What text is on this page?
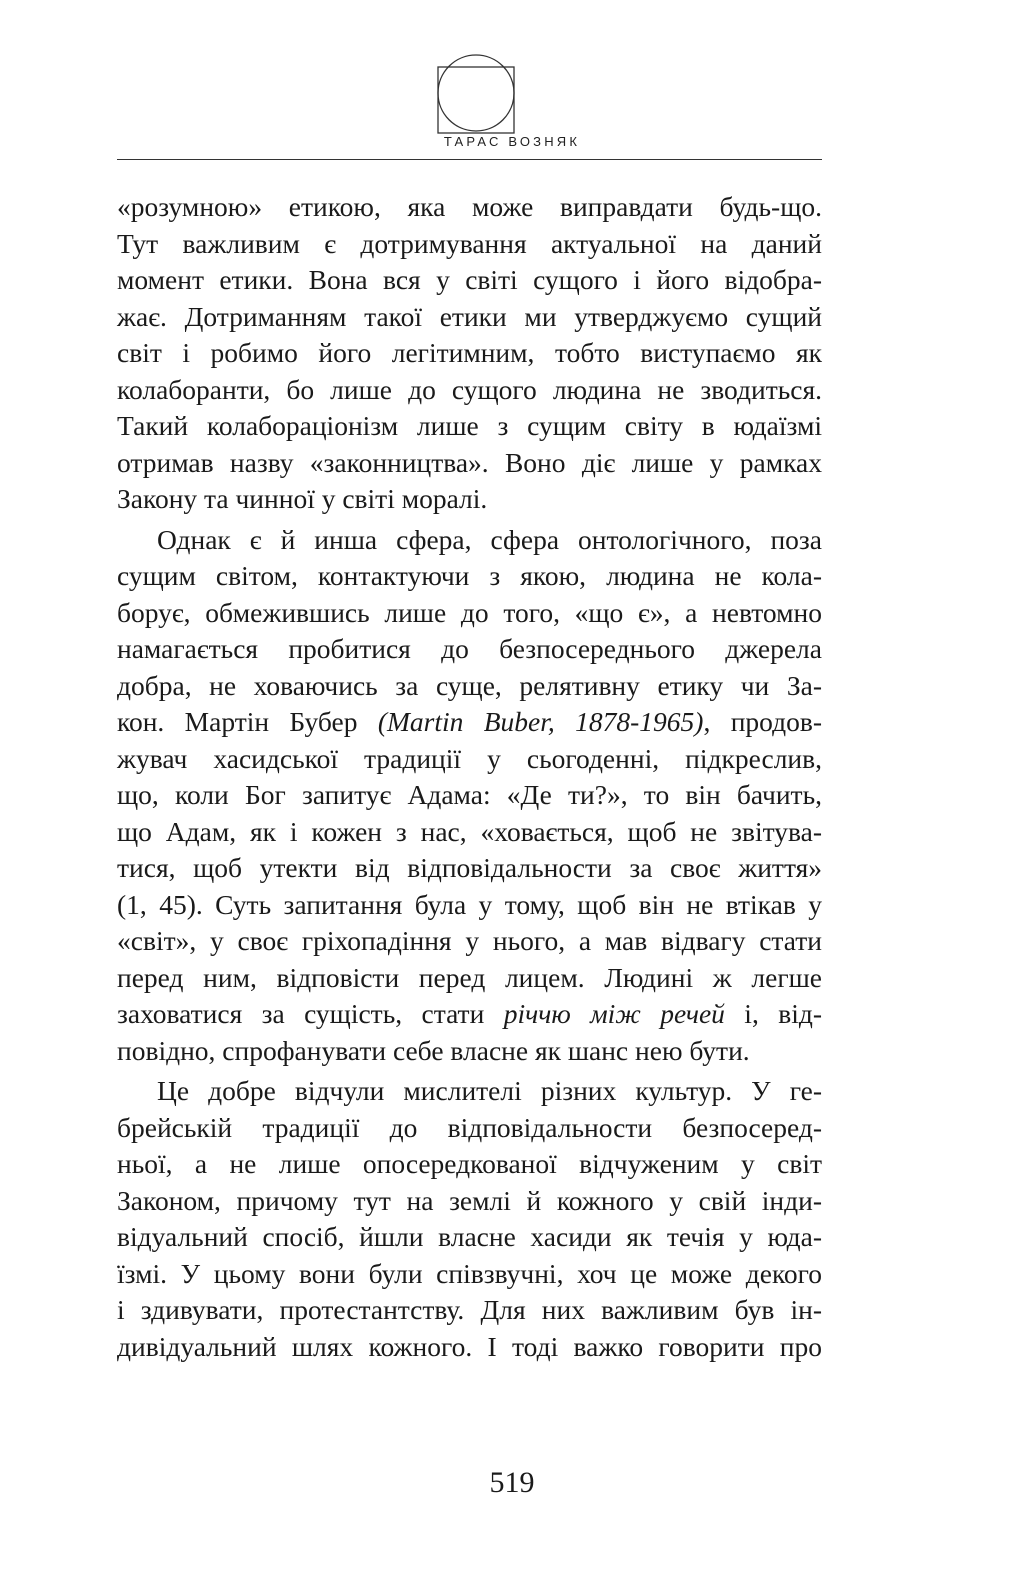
ТАРАС ВОЗНЯК
«розумною» етикою, яка може виправдати будь-що.
Тут важливим є дотримування актуальної на даний
момент етики. Вона вся у світі сущого і його відобра-
жає. Дотриманням такої етики ми утверджуємо сущий
світ і робимо його легітимним, тобто виступаємо як
колаборанти, бо лише до сущого людина не зводиться.
Такий колабораціонізм лише з сущим світу в юдаїзмі
отримав назву «законництва». Воно діє лише у рамках
Закону та чинної у світі моралі.
Однак є й инша сфера, сфера онтологічного, поза
сущим світом, контактуючи з якою, людина не кола-
борує, обмежившись лише до того, «що є», а невтомно
намагається пробитися до безпосереднього джерела
добра, не ховаючись за суще, релятивну етику чи За-
кон. Мартін Бубер (Martin Buber, 1878-1965), продов-
жувач хасидської традиції у сьогоденні, підкреслив,
що, коли Бог запитує Адама: «Де ти?», то він бачить,
що Адам, як і кожен з нас, «ховається, щоб не звітува-
тися, щоб утекти від відповідальности за своє життя»
(1, 45). Суть запитання була у тому, щоб він не втікав у
«світ», у своє гріхопадіння у нього, а мав відвагу стати
перед ним, відповісти перед лицем. Людині ж легше
заховатися за сущість, стати річчю між речей і, від-
повідно, спрофанувати себе власне як шанс нею бути.
Це добре відчули мислителі різних культур. У ге-
брейській традиції до відповідальности безпосеред-
ньої, а не лише опосередкованої відчуженим у світ
Законом, причому тут на землі й кожного у свій інди-
відуальний спосіб, йшли власне хасиди як течія у юда-
їзмі. У цьому вони були співзвучні, хоч це може декого
і здивувати, протестантству. Для них важливим був ін-
дивідуальний шлях кожного. І тоді важко говорити про
519
